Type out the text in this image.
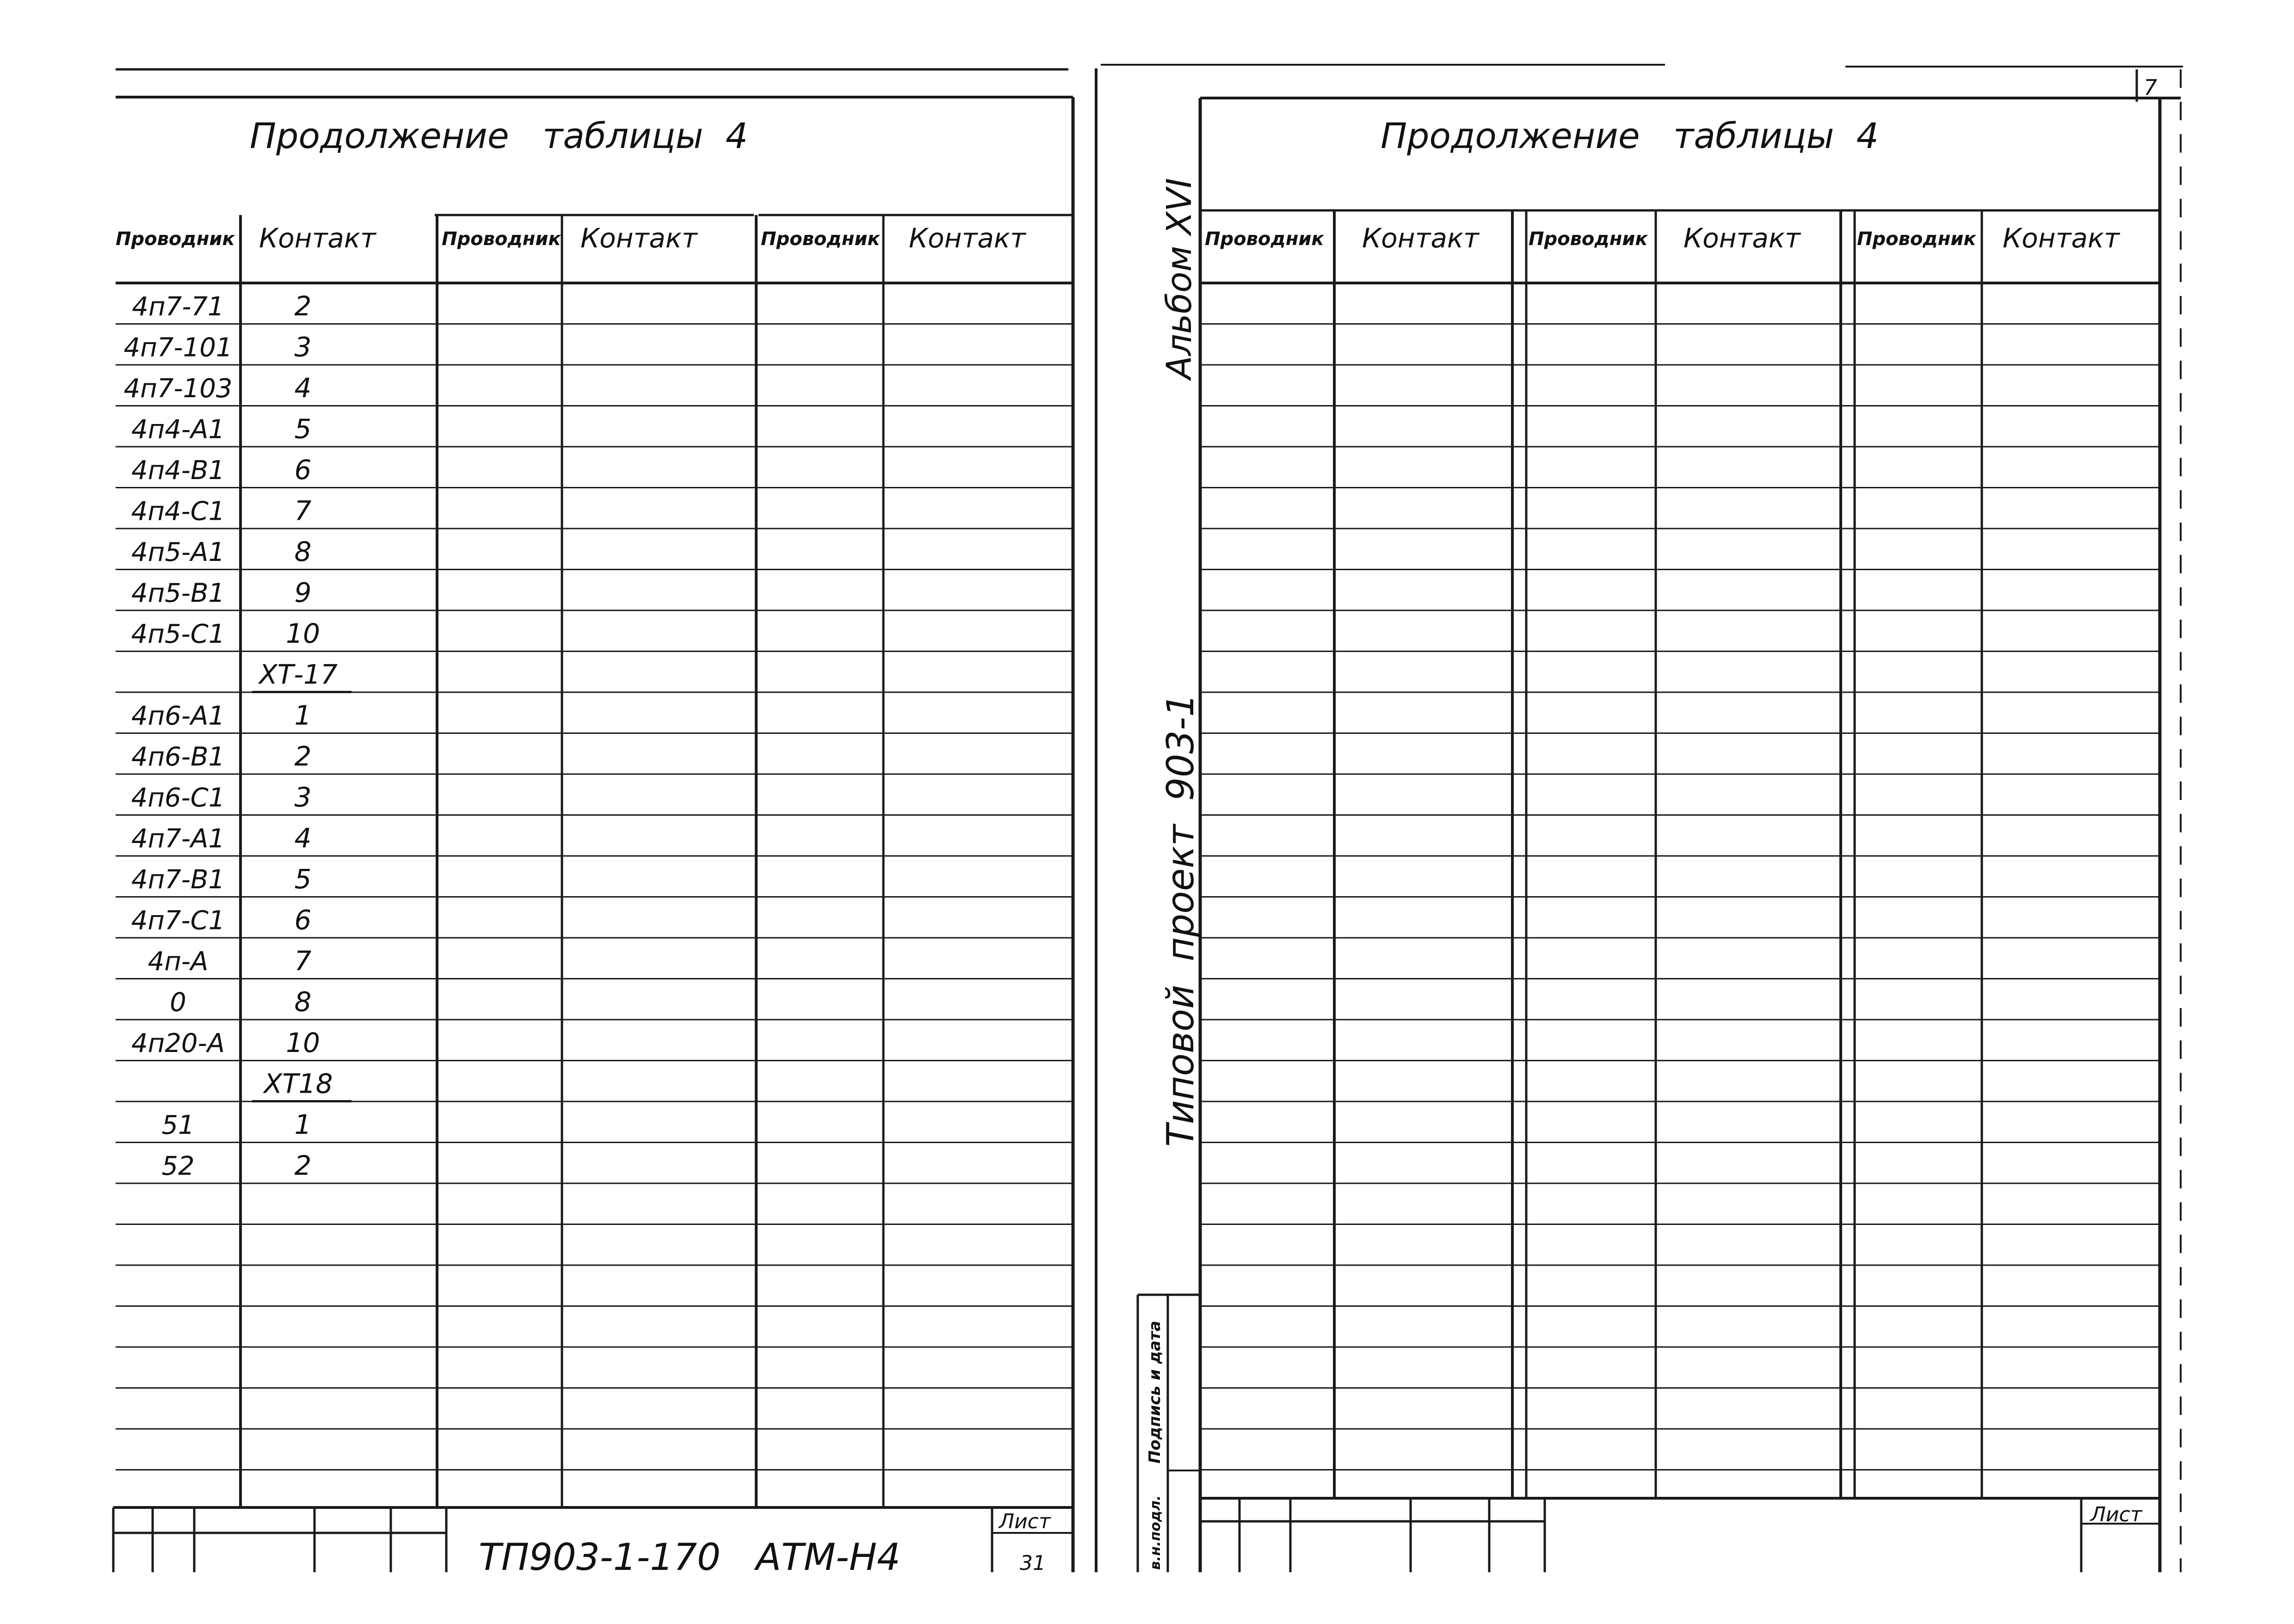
4п7-71	2
4п7-101 3
4п7-103 4
4п4-А1	5
4п4-В1	6
4п4-С1	7
4п5-А1	8
4п5-В1	9
4п5-С1 10
ХТ-17
4п6-А1	1
4п6-В1	2
4п6-С1	3
4п7-А1	4
4п7-В1	5
4п7-С1	6
4п-А	7
0	8
4п20-А 10
ХТ18
51	1
52	2
Продолжение   таблицы  4
Проводник Контакт	Проводник Контакт	Проводник Контакт
ТП903-1-170   АТМ-Н4
Лист
31
Альбом XVI
Типовой  проект  903-1
Подпись и дата
в.н.подл.
Продолжение   таблицы  4
Проводник Контакт	Проводник Контакт	Проводник Контакт
Лист
7
